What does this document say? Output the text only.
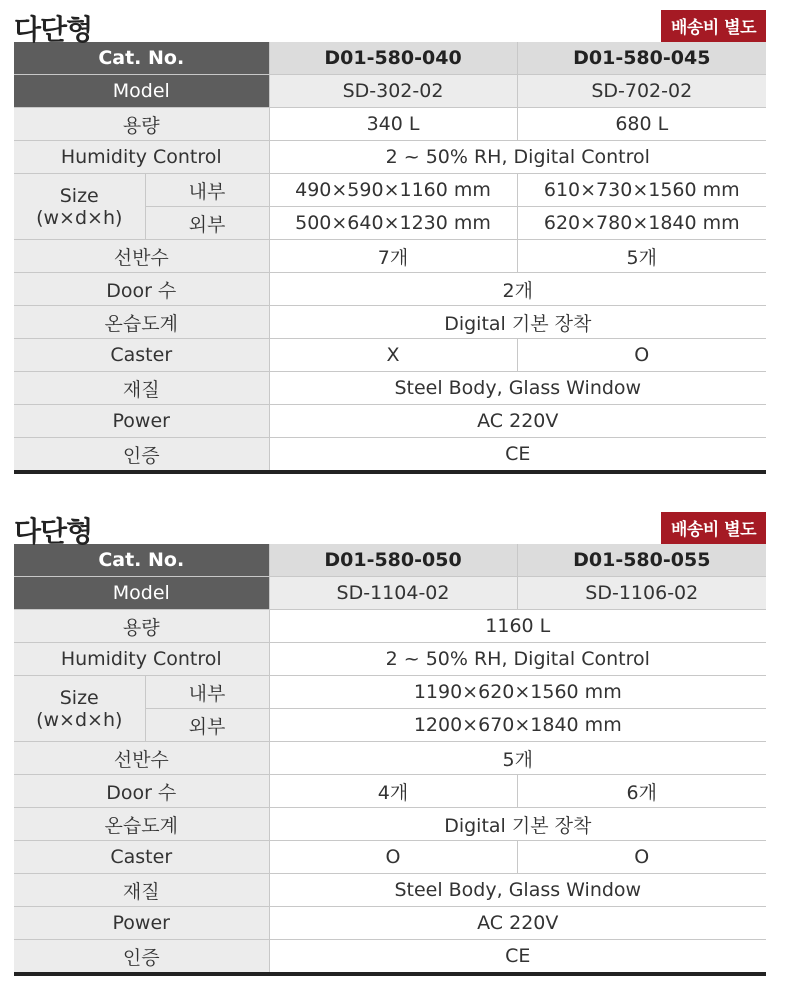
다단형	배송비 별도
Cat. No.		D01-580-040	D01-580-045
Model		SD-302-02	SD-702-02
용량		340 L	680 L
Humidity Control		2 ~ 50% RH, Digital Control	

Size
(w×d×h)	내부	490×590×1160 mm	610×730×1560 mm
	외부	500×640×1230 mm	620×780×1840 mm
선반수		7개	5개
Door 수		2개	
온습도계		Digital 기본 장착	
Caster		X	O
재질		Steel Body, Glass Window	
Power		AC 220V	
인증		CE	
다단형	배송비 별도
Cat. No.		D01-580-050	D01-580-055
Model		SD-1104-02	SD-1106-02
용량		1160 L	
Humidity Control		2 ~ 50% RH, Digital Control	

Size
(w×d×h)	내부	1190×620×1560 mm	
	외부	1200×670×1840 mm	
선반수		5개	
Door 수		4개	6개
온습도계		Digital 기본 장착	
Caster		O	O
재질		Steel Body, Glass Window	
Power		AC 220V	
인증		CE	
